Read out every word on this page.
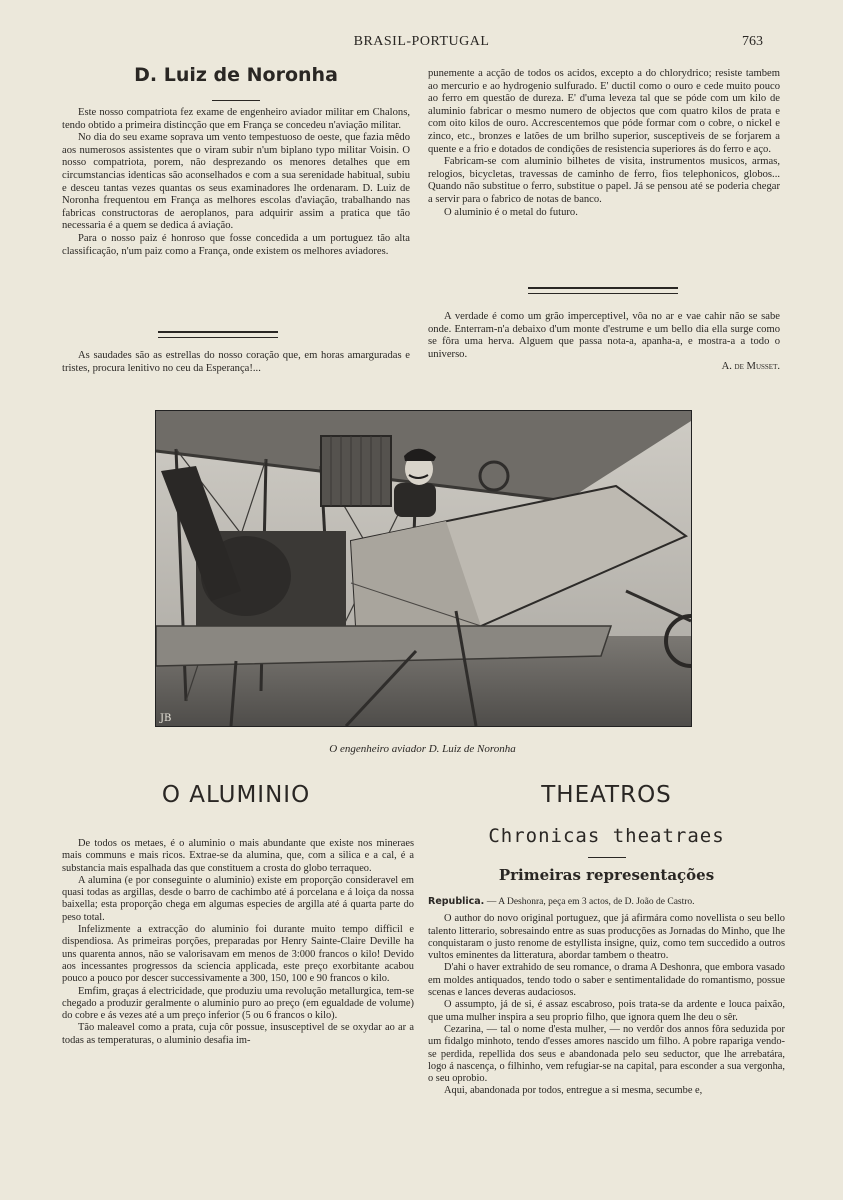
BRASIL-PORTUGAL	763
D. Luiz de Noronha

Este nosso compatriota fez exame de engenheiro aviador militar em Chalons, tendo obtido a primeira distincção que em França se concedeu n'aviação militar.

No dia do seu exame soprava um vento tempestuoso de oeste, que fazia mêdo aos numerosos assistentes que o viram subir n'um biplano typo militar Voisin. O nosso compatriota, porem, não desprezando os menores detalhes que em circumstancias identicas são aconselhados e com a sua serenidade habitual, subiu e desceu tantas vezes quantas os seus examinadores lhe ordenaram. D. Luiz de Noronha frequentou em França as melhores escolas d'aviação, trabalhando nas fabricas constructoras de aeroplanos, para adquirir assim a pratica que tão necessaria é a quem se dedica á aviação.

Para o nosso paiz é honroso que fosse concedida a um portuguez tão alta classificação, n'um paiz como a França, onde existem os melhores aviadores.

As saudades são as estrellas do nosso coração que, em horas amarguradas e tristes, procura lenitivo no ceu da Esperança!...

punemente a acção de todos os acidos, excepto a do chlorydrico; resiste tambem ao mercurio e ao hydrogenio sulfurado. E' ductil como o ouro e cede muito pouco ao ferro em questão de dureza. E' d'uma leveza tal que se póde com um kilo de aluminio fabricar o mesmo numero de objectos que com quatro kilos de prata e com oito kilos de ouro. Accrescentemos que póde formar com o cobre, o nickel e zinco, etc., bronzes e latões de um brilho superior, susceptiveis de se forjarem a quente e a frio e dotados de condições de resistencia superiores ás do ferro e aço.

Fabricam-se com aluminio bilhetes de visita, instrumentos musicos, armas, relogios, bicycletas, travessas de caminho de ferro, fios telephonicos, globos... Quando não substitue o ferro, substitue o papel. Já se pensou até se poderia chegar a servir para o fabrico de notas de banco.

O aluminio é o metal do futuro.

A verdade é como um grão imperceptivel, vôa no ar e vae cahir não se sabe onde. Enterram-n'a debaixo d'um monte d'estrume e um bello dia ella surge como se fôra uma herva. Alguem que passa nota-a, apanha-a, e mostra-a a todo o universo.

A. de Musset.
JB
O engenheiro aviador D. Luiz de Noronha
O ALUMINIO

De todos os metaes, é o aluminio o mais abundante que existe nos mineraes mais communs e mais ricos. Extrae-se da alumina, que, com a silica e a cal, é a substancia mais espalhada das que constituem a crosta do globo terraqueo.

A alumina (e por conseguinte o aluminio) existe em proporção consideravel em quasi todas as argillas, desde o barro de cachimbo até á porcelana e á loiça da nossa baixella; esta proporção chega em algumas especies de argilla até á quarta parte do peso total.

Infelizmente a extracção do aluminio foi durante muito tempo difficil e dispendiosa. As primeiras porções, preparadas por Henry Sainte-Claire Deville ha uns quarenta annos, não se valorisavam em menos de 3:000 francos o kilo! Devido aos incessantes progressos da sciencia applicada, este preço exorbitante acabou pouco a pouco por descer successivamente a 300, 150, 100 e 90 francos o kilo.

Emfim, graças á electricidade, que produziu uma revolução metallurgica, tem-se chegado a produzir geralmente o aluminio puro ao preço (em egualdade de volume) do cobre e ás vezes até a um preço inferior (5 ou 6 francos o kilo).

Tão maleavel como a prata, cuja côr possue, insusceptivel de se oxydar ao ar a todas as temperaturas, o aluminio desafia im-

THEATROS
Chronicas theatraes
Primeiras representações

Republica. — A Deshonra, peça em 3 actos, de D. João de Castro.

O author do novo original portuguez, que já afirmára como novellista o seu bello talento litterario, sobresaindo entre as suas producções as Jornadas do Minho, que lhe conquistaram o justo renome de estyllista insigne, quiz, como tem succedido a outros vultos eminentes da litteratura, abordar tambem o theatro.

D'ahi o haver extrahido de seu romance, o drama A Deshonra, que embora vasado em moldes antiquados, tendo todo o saber e sentimentalidade do romantismo, possue scenas e lances deveras audaciosos.

O assumpto, já de si, é assaz escabroso, pois trata-se da ardente e louca paixão, que uma mulher inspira a seu proprio filho, que ignora quem lhe deu o sêr.

Cezarina, — tal o nome d'esta mulher, — no verdôr dos annos fôra seduzida por um fidalgo minhoto, tendo d'esses amores nascido um filho. A pobre rapariga vendo-se perdida, repellida dos seus e abandonada pelo seu seductor, que lhe arrebatára, logo á nascença, o filhinho, vem refugiar-se na capital, para esconder a sua vergonha, o seu oprobio.

Aqui, abandonada por todos, entregue a si mesma, secumbe e,
